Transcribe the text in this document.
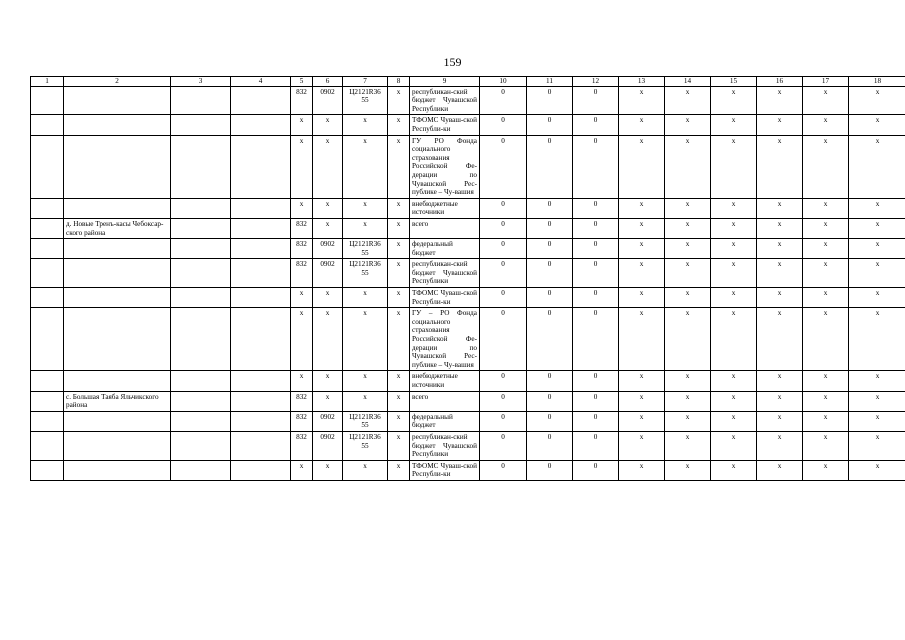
159
1	2	3	4	5	6	7	8	9	10	11	12	13	14	15	16	17	18
				832	0902	Ц2121R36 55	х	республикан-ский бюджет Чувашской Республики	0	0	0	х	х	х	х	х	х
				х	х	х	х	ТФОМС Чуваш-ской Республи-ки	0	0	0	х	х	х	х	х	х
				х	х	х	х	ГУ РО Фонда социального страхования Российской Фе-дерации по Чувашской Рес-публике – Чу-вашия	0	0	0	х	х	х	х	х	х
				х	х	х	х	внебюджетные источники	0	0	0	х	х	х	х	х	х
	д. Новые Тренъ-касы Чебоксар-ского района			832	х	х	х	всего	0	0	0	х	х	х	х	х	х
				832	0902	Ц2121R36 55	х	федеральный бюджет	0	0	0	х	х	х	х	х	х
				832	0902	Ц2121R36 55	х	республикан-ский бюджет Чувашской Республики	0	0	0	х	х	х	х	х	х
				х	х	х	х	ТФОМС Чуваш-ской Республи-ки	0	0	0	х	х	х	х	х	х
				х	х	х	х	ГУ – РО Фонда социального страхования Российской Фе-дерации по Чувашской Рес-публике – Чу-вашия	0	0	0	х	х	х	х	х	х
				х	х	х	х	внебюджетные источники	0	0	0	х	х	х	х	х	х
	с. Большая Таяба Яльчикского района			832	х	х	х	всего	0	0	0	х	х	х	х	х	х
				832	0902	Ц2121R36 55	х	федеральный бюджет	0	0	0	х	х	х	х	х	х
				832	0902	Ц2121R36 55	х	республикан-ский бюджет Чувашской Республики	0	0	0	х	х	х	х	х	х
				х	х	х	х	ТФОМС Чуваш-ской Республи-ки	0	0	0	х	х	х	х	х	х
